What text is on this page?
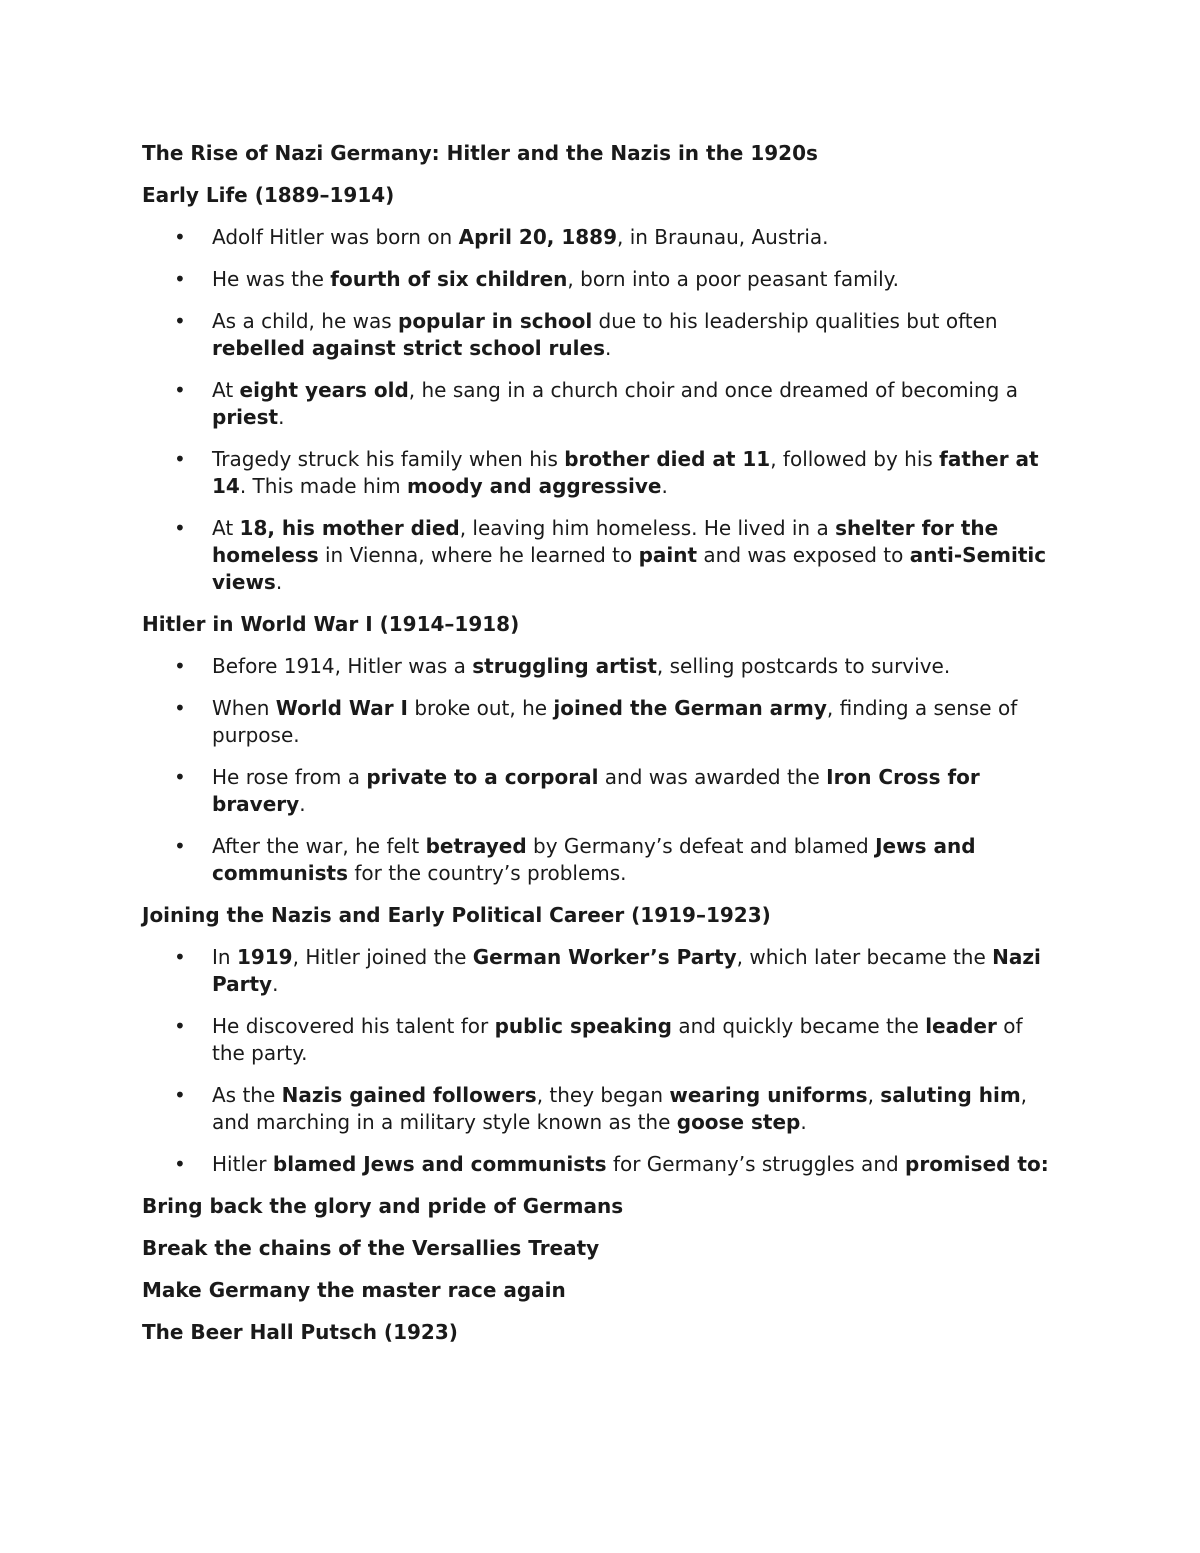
The Rise of Nazi Germany: Hitler and the Nazis in the 1920s

Early Life (1889–1914)

• Adolf Hitler was born on April 20, 1889, in Braunau, Austria.
• He was the fourth of six children, born into a poor peasant family.
• As a child, he was popular in school due to his leadership qualities but often rebelled against strict school rules.
• At eight years old, he sang in a church choir and once dreamed of becoming a priest.
• Tragedy struck his family when his brother died at 11, followed by his father at 14. This made him moody and aggressive.
• At 18, his mother died, leaving him homeless. He lived in a shelter for the homeless in Vienna, where he learned to paint and was exposed to anti-Semitic views.

Hitler in World War I (1914–1918)

• Before 1914, Hitler was a struggling artist, selling postcards to survive.
• When World War I broke out, he joined the German army, finding a sense of purpose.
• He rose from a private to a corporal and was awarded the Iron Cross for bravery.
• After the war, he felt betrayed by Germany’s defeat and blamed Jews and communists for the country’s problems.

Joining the Nazis and Early Political Career (1919–1923)

• In 1919, Hitler joined the German Worker’s Party, which later became the Nazi Party.
• He discovered his talent for public speaking and quickly became the leader of the party.
• As the Nazis gained followers, they began wearing uniforms, saluting him, and marching in a military style known as the goose step.
• Hitler blamed Jews and communists for Germany’s struggles and promised to:

Bring back the glory and pride of Germans

Break the chains of the Versallies Treaty

Make Germany the master race again

The Beer Hall Putsch (1923)
